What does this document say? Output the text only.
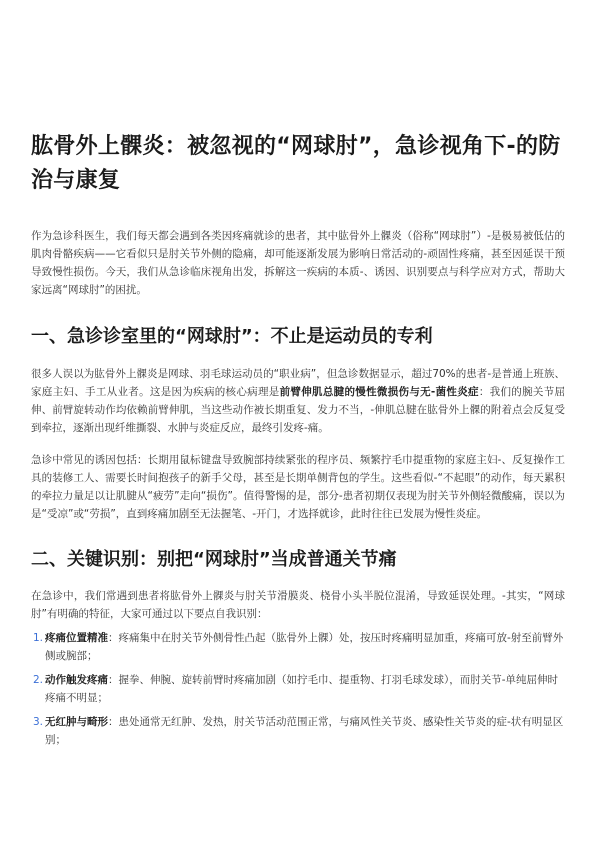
肱骨外上髁炎：被忽视的“网球肘”，急诊视角下-的防治与康复

作为急诊科医生，我们每天都会遇到各类因疼痛就诊的患者，其中肱骨外上髁炎（俗称“网球肘”）-是极易被低估的肌肉骨骼疾病——它看似只是肘关节外侧的隐痛，却可能逐渐发展为影响日常活动的-顽固性疼痛，甚至因延误干预导致慢性损伤。今天，我们从急诊临床视角出发，拆解这一疾病的本质-、诱因、识别要点与科学应对方式，帮助大家远离“网球肘”的困扰。

一、急诊诊室里的“网球肘”：不止是运动员的专利

很多人误以为肱骨外上髁炎是网球、羽毛球运动员的“职业病”，但急诊数据显示，超过70%的患者-是普通上班族、家庭主妇、手工从业者。这是因为疾病的核心病理是前臂伸肌总腱的慢性微损伤与无-菌性炎症：我们的腕关节屈伸、前臂旋转动作均依赖前臂伸肌，当这些动作被长期重复、发力不当，-伸肌总腱在肱骨外上髁的附着点会反复受到牵拉，逐渐出现纤维撕裂、水肿与炎症反应，最终引发疼-痛。

急诊中常见的诱因包括：长期用鼠标键盘导致腕部持续紧张的程序员、频繁拧毛巾提重物的家庭主妇-、反复操作工具的装修工人、需要长时间抱孩子的新手父母，甚至是长期单侧背包的学生。这些看似-“不起眼”的动作，每天累积的牵拉力量足以让肌腱从“疲劳”走向“损伤”。值得警惕的是，部分-患者初期仅表现为肘关节外侧轻微酸痛，误以为是“受凉”或“劳损”，直到疼痛加剧至无法握笔、-开门，才选择就诊，此时往往已发展为慢性炎症。

二、关键识别：别把“网球肘”当成普通关节痛

在急诊中，我们常遇到患者将肱骨外上髁炎与肘关节滑膜炎、桡骨小头半脱位混淆，导致延误处理。-其实，“网球肘”有明确的特征，大家可通过以下要点自我识别：

1. 疼痛位置精准：疼痛集中在肘关节外侧骨性凸起（肱骨外上髁）处，按压时疼痛明显加重，疼痛可放-射至前臂外侧或腕部；
2. 动作触发疼痛：握拳、伸腕、旋转前臂时疼痛加剧（如拧毛巾、提重物、打羽毛球发球），而肘关节-单纯屈伸时疼痛不明显；
3. 无红肿与畸形：患处通常无红肿、发热，肘关节活动范围正常，与痛风性关节炎、感染性关节炎的症-状有明显区别；
